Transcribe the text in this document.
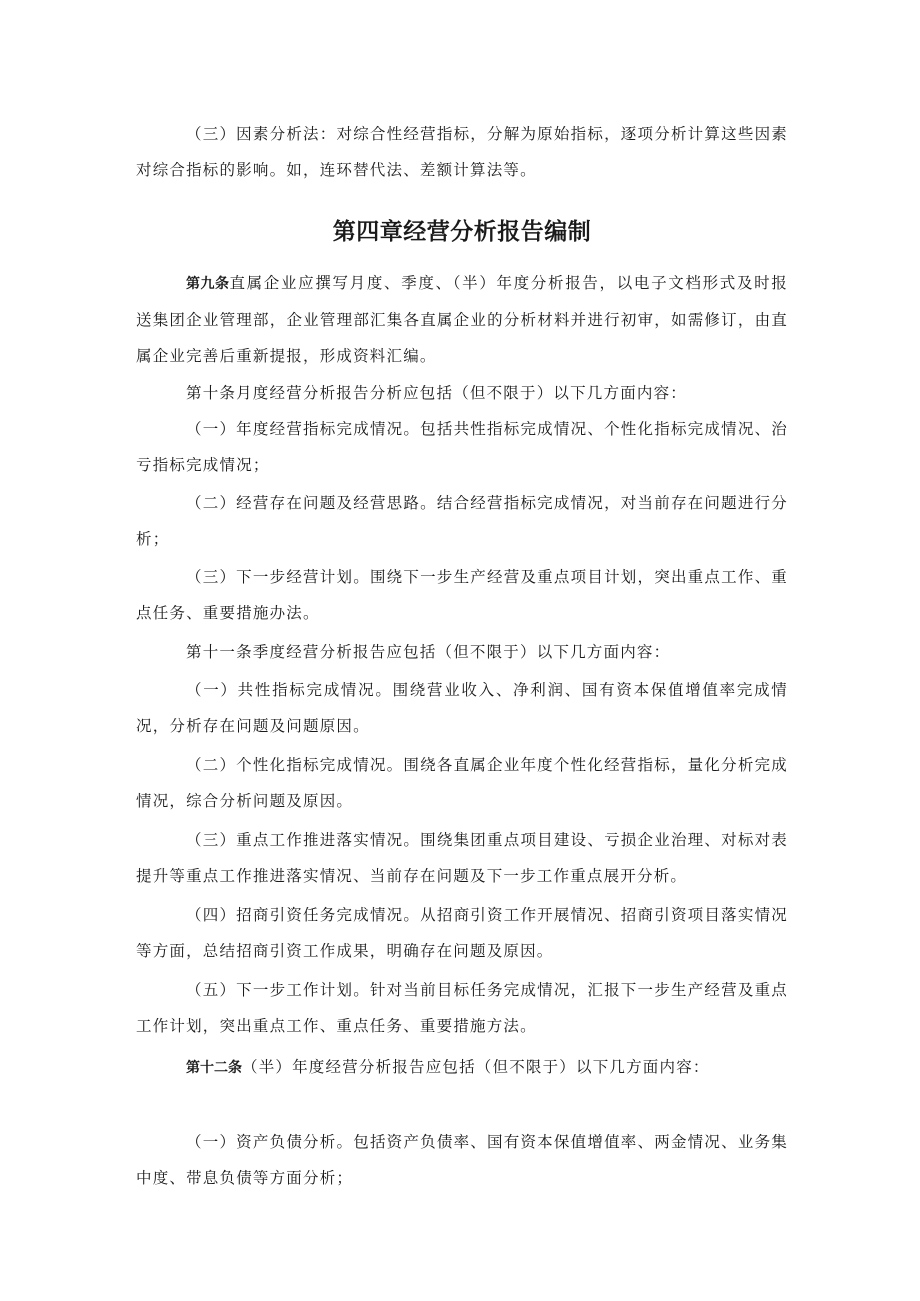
（三）因素分析法：对综合性经营指标，分解为原始指标，逐项分析计算这些因素对综合指标的影响。如，连环替代法、差额计算法等。

第四章经营分析报告编制

第九条直属企业应撰写月度、季度、（半）年度分析报告，以电子文档形式及时报送集团企业管理部，企业管理部汇集各直属企业的分析材料并进行初审，如需修订，由直属企业完善后重新提报，形成资料汇编。

第十条月度经营分析报告分析应包括（但不限于）以下几方面内容：

（一）年度经营指标完成情况。包括共性指标完成情况、个性化指标完成情况、治亏指标完成情况；

（二）经营存在问题及经营思路。结合经营指标完成情况，对当前存在问题进行分析；

（三）下一步经营计划。围绕下一步生产经营及重点项目计划，突出重点工作、重点任务、重要措施办法。

第十一条季度经营分析报告应包括（但不限于）以下几方面内容：

（一）共性指标完成情况。围绕营业收入、净利润、国有资本保值增值率完成情况，分析存在问题及问题原因。

（二）个性化指标完成情况。围绕各直属企业年度个性化经营指标，量化分析完成情况，综合分析问题及原因。

（三）重点工作推进落实情况。围绕集团重点项目建设、亏损企业治理、对标对表提升等重点工作推进落实情况、当前存在问题及下一步工作重点展开分析。

（四）招商引资任务完成情况。从招商引资工作开展情况、招商引资项目落实情况等方面，总结招商引资工作成果，明确存在问题及原因。

（五）下一步工作计划。针对当前目标任务完成情况，汇报下一步生产经营及重点工作计划，突出重点工作、重点任务、重要措施方法。

第十二条（半）年度经营分析报告应包括（但不限于）以下几方面内容：

（一）资产负债分析。包括资产负债率、国有资本保值增值率、两金情况、业务集中度、带息负债等方面分析；
